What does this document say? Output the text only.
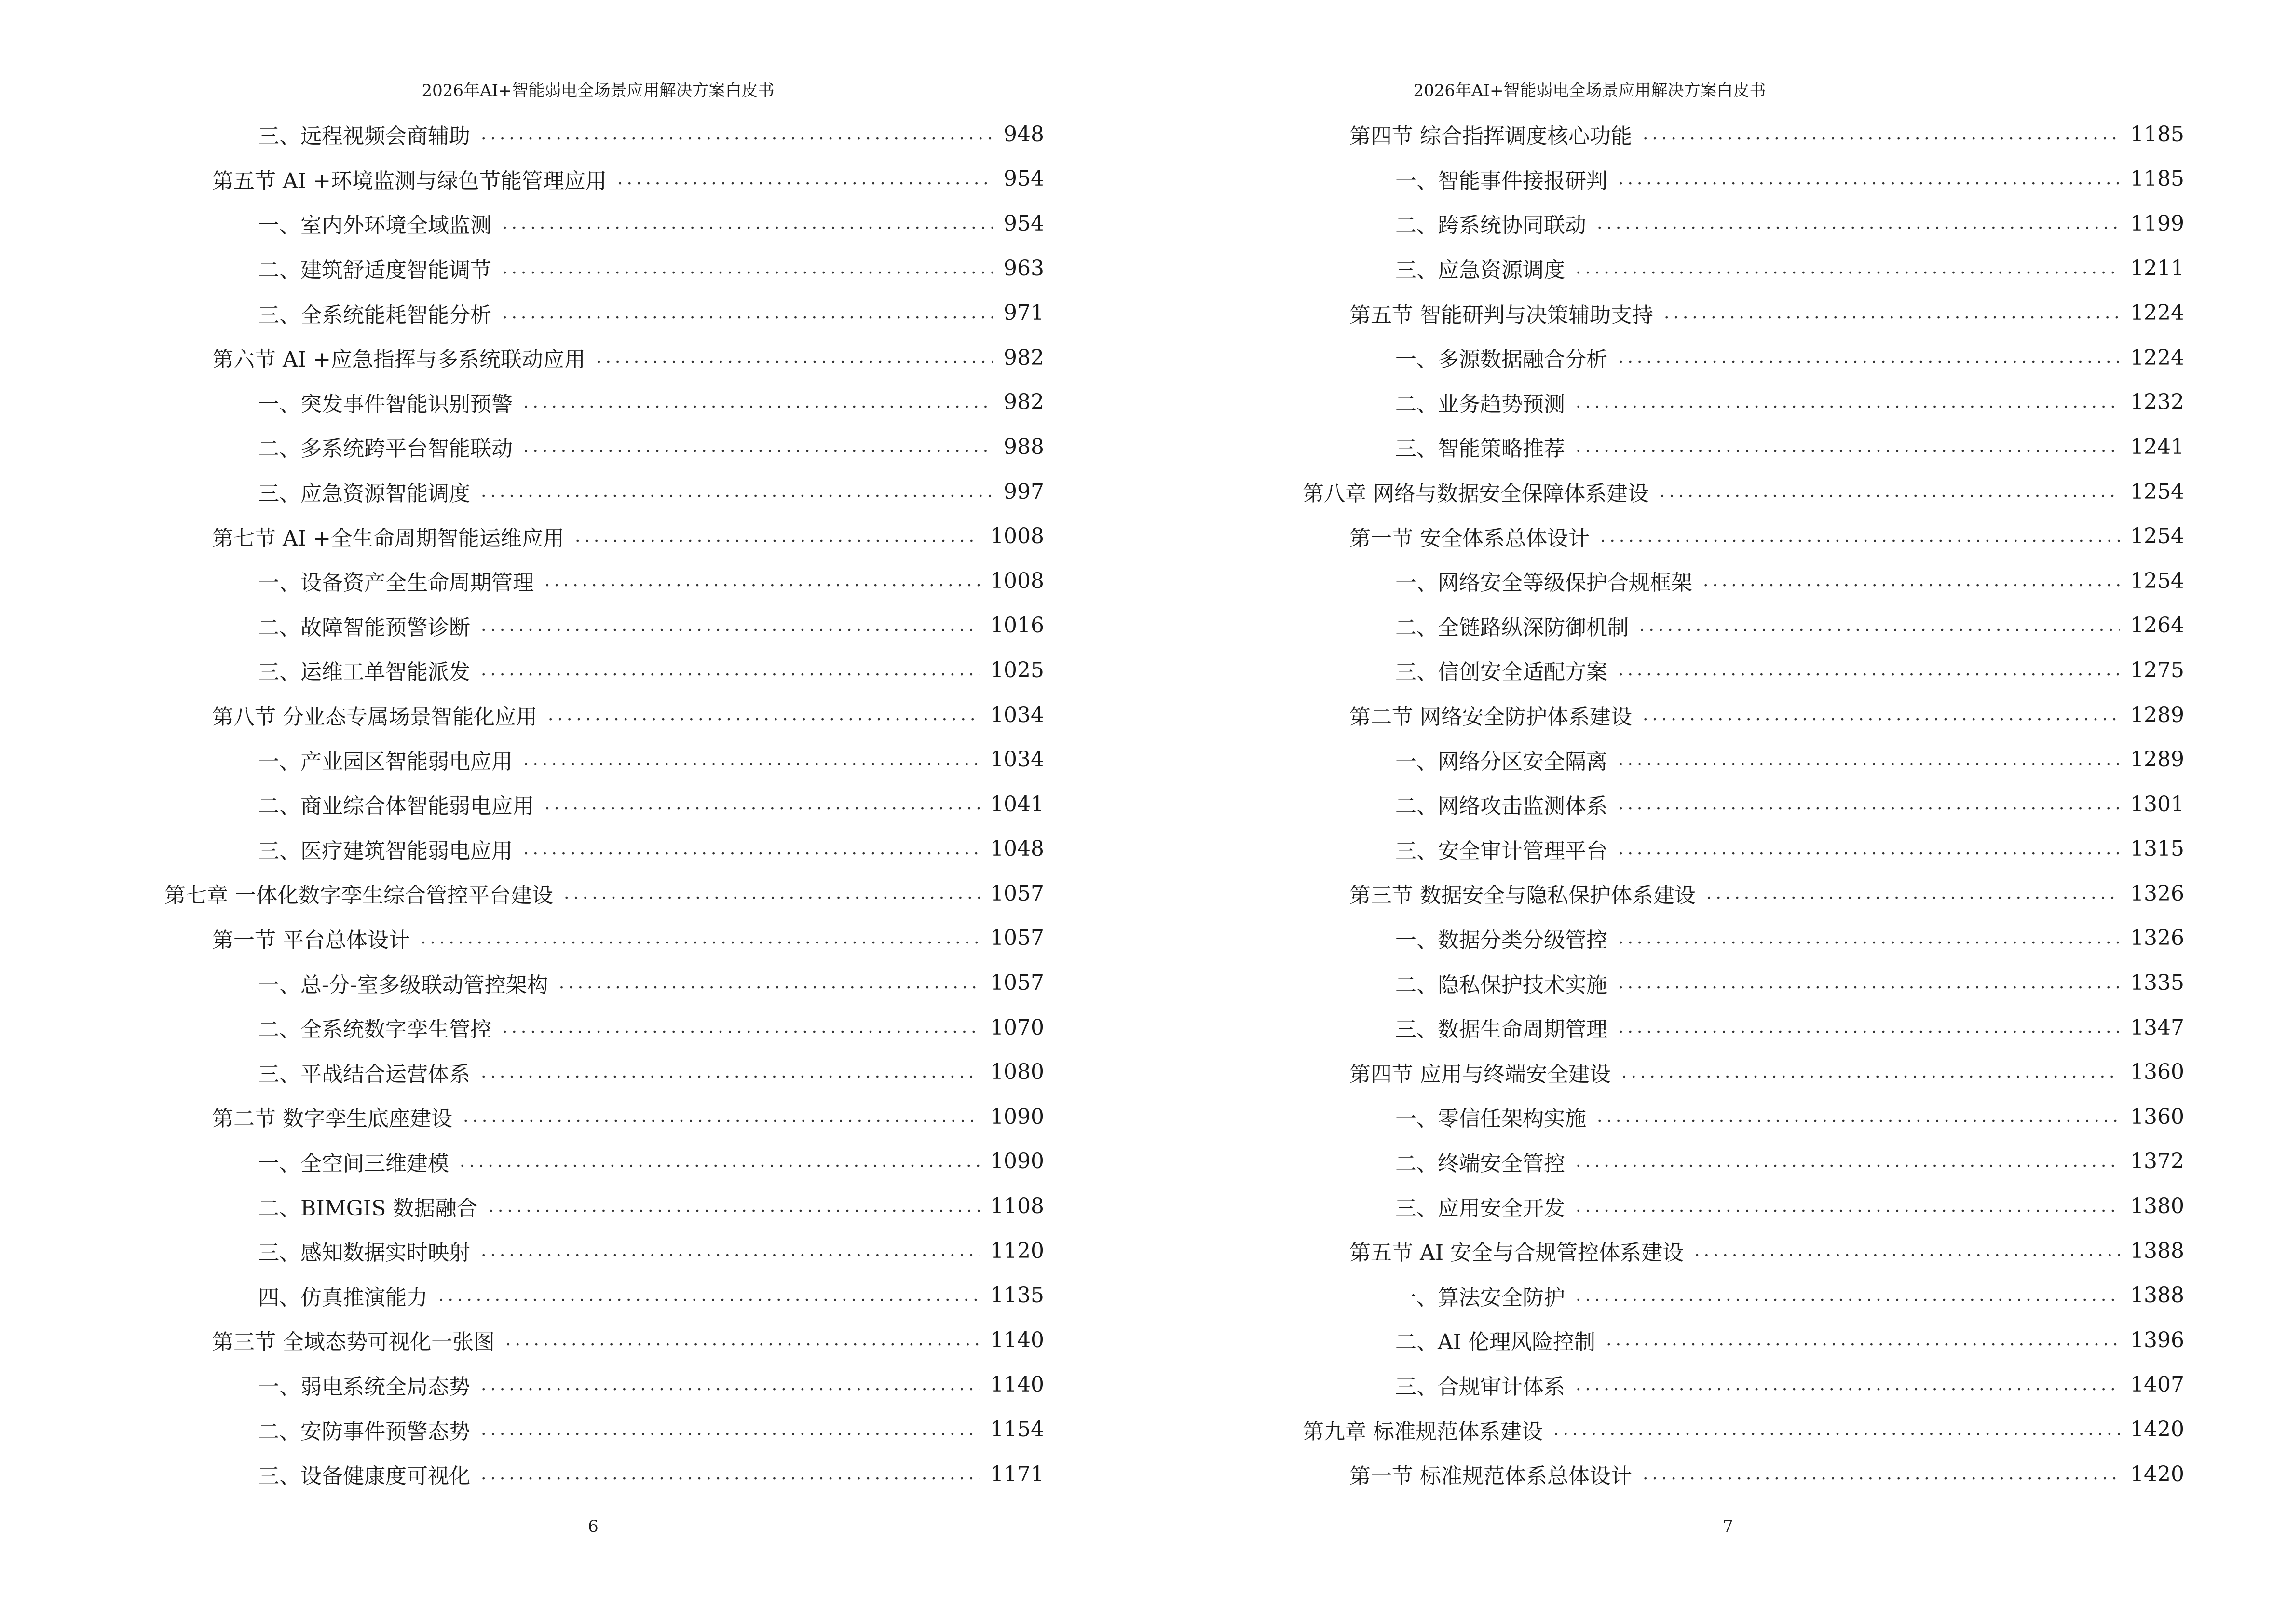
2026年AI+智能弱电全场景应用解决方案白皮书
三、远程视频会商辅助 .....	948
第五节 AI +环境监测与绿色节能管理应用 .....	954
一、室内外环境全域监测 .....	954
二、建筑舒适度智能调节 .....	963
三、全系统能耗智能分析 .....	971
第六节 AI +应急指挥与多系统联动应用 .....	982
一、突发事件智能识别预警 .....	982
二、多系统跨平台智能联动 .....	988
三、应急资源智能调度 .....	997
第七节 AI +全生命周期智能运维应用 .....	1008
一、设备资产全生命周期管理 .....	1008
二、故障智能预警诊断 .....	1016
三、运维工单智能派发 .....	1025
第八节 分业态专属场景智能化应用 .....	1034
一、产业园区智能弱电应用 .....	1034
二、商业综合体智能弱电应用 .....	1041
三、医疗建筑智能弱电应用 .....	1048
第七章 一体化数字孪生综合管控平台建设 .....	1057
第一节 平台总体设计 .....	1057
一、总-分-室多级联动管控架构 .....	1057
二、全系统数字孪生管控 .....	1070
三、平战结合运营体系 .....	1080
第二节 数字孪生底座建设 .....	1090
一、全空间三维建模 .....	1090
二、BIMGIS 数据融合 .....	1108
三、感知数据实时映射 .....	1120
四、仿真推演能力 .....	1135
第三节 全域态势可视化一张图 .....	1140
一、弱电系统全局态势 .....	1140
二、安防事件预警态势 .....	1154
三、设备健康度可视化 .....	1171
6
2026年AI+智能弱电全场景应用解决方案白皮书
第四节 综合指挥调度核心功能 .....	1185
一、智能事件接报研判 .....	1185
二、跨系统协同联动 .....	1199
三、应急资源调度 .....	1211
第五节 智能研判与决策辅助支持 .....	1224
一、多源数据融合分析 .....	1224
二、业务趋势预测 .....	1232
三、智能策略推荐 .....	1241
第八章 网络与数据安全保障体系建设 .....	1254
第一节 安全体系总体设计 .....	1254
一、网络安全等级保护合规框架 .....	1254
二、全链路纵深防御机制 .....	1264
三、信创安全适配方案 .....	1275
第二节 网络安全防护体系建设 .....	1289
一、网络分区安全隔离 .....	1289
二、网络攻击监测体系 .....	1301
三、安全审计管理平台 .....	1315
第三节 数据安全与隐私保护体系建设 .....	1326
一、数据分类分级管控 .....	1326
二、隐私保护技术实施 .....	1335
三、数据生命周期管理 .....	1347
第四节 应用与终端安全建设 .....	1360
一、零信任架构实施 .....	1360
二、终端安全管控 .....	1372
三、应用安全开发 .....	1380
第五节 AI 安全与合规管控体系建设 .....	1388
一、算法安全防护 .....	1388
二、AI 伦理风险控制 .....	1396
三、合规审计体系 .....	1407
第九章 标准规范体系建设 .....	1420
第一节 标准规范体系总体设计 .....	1420
7
